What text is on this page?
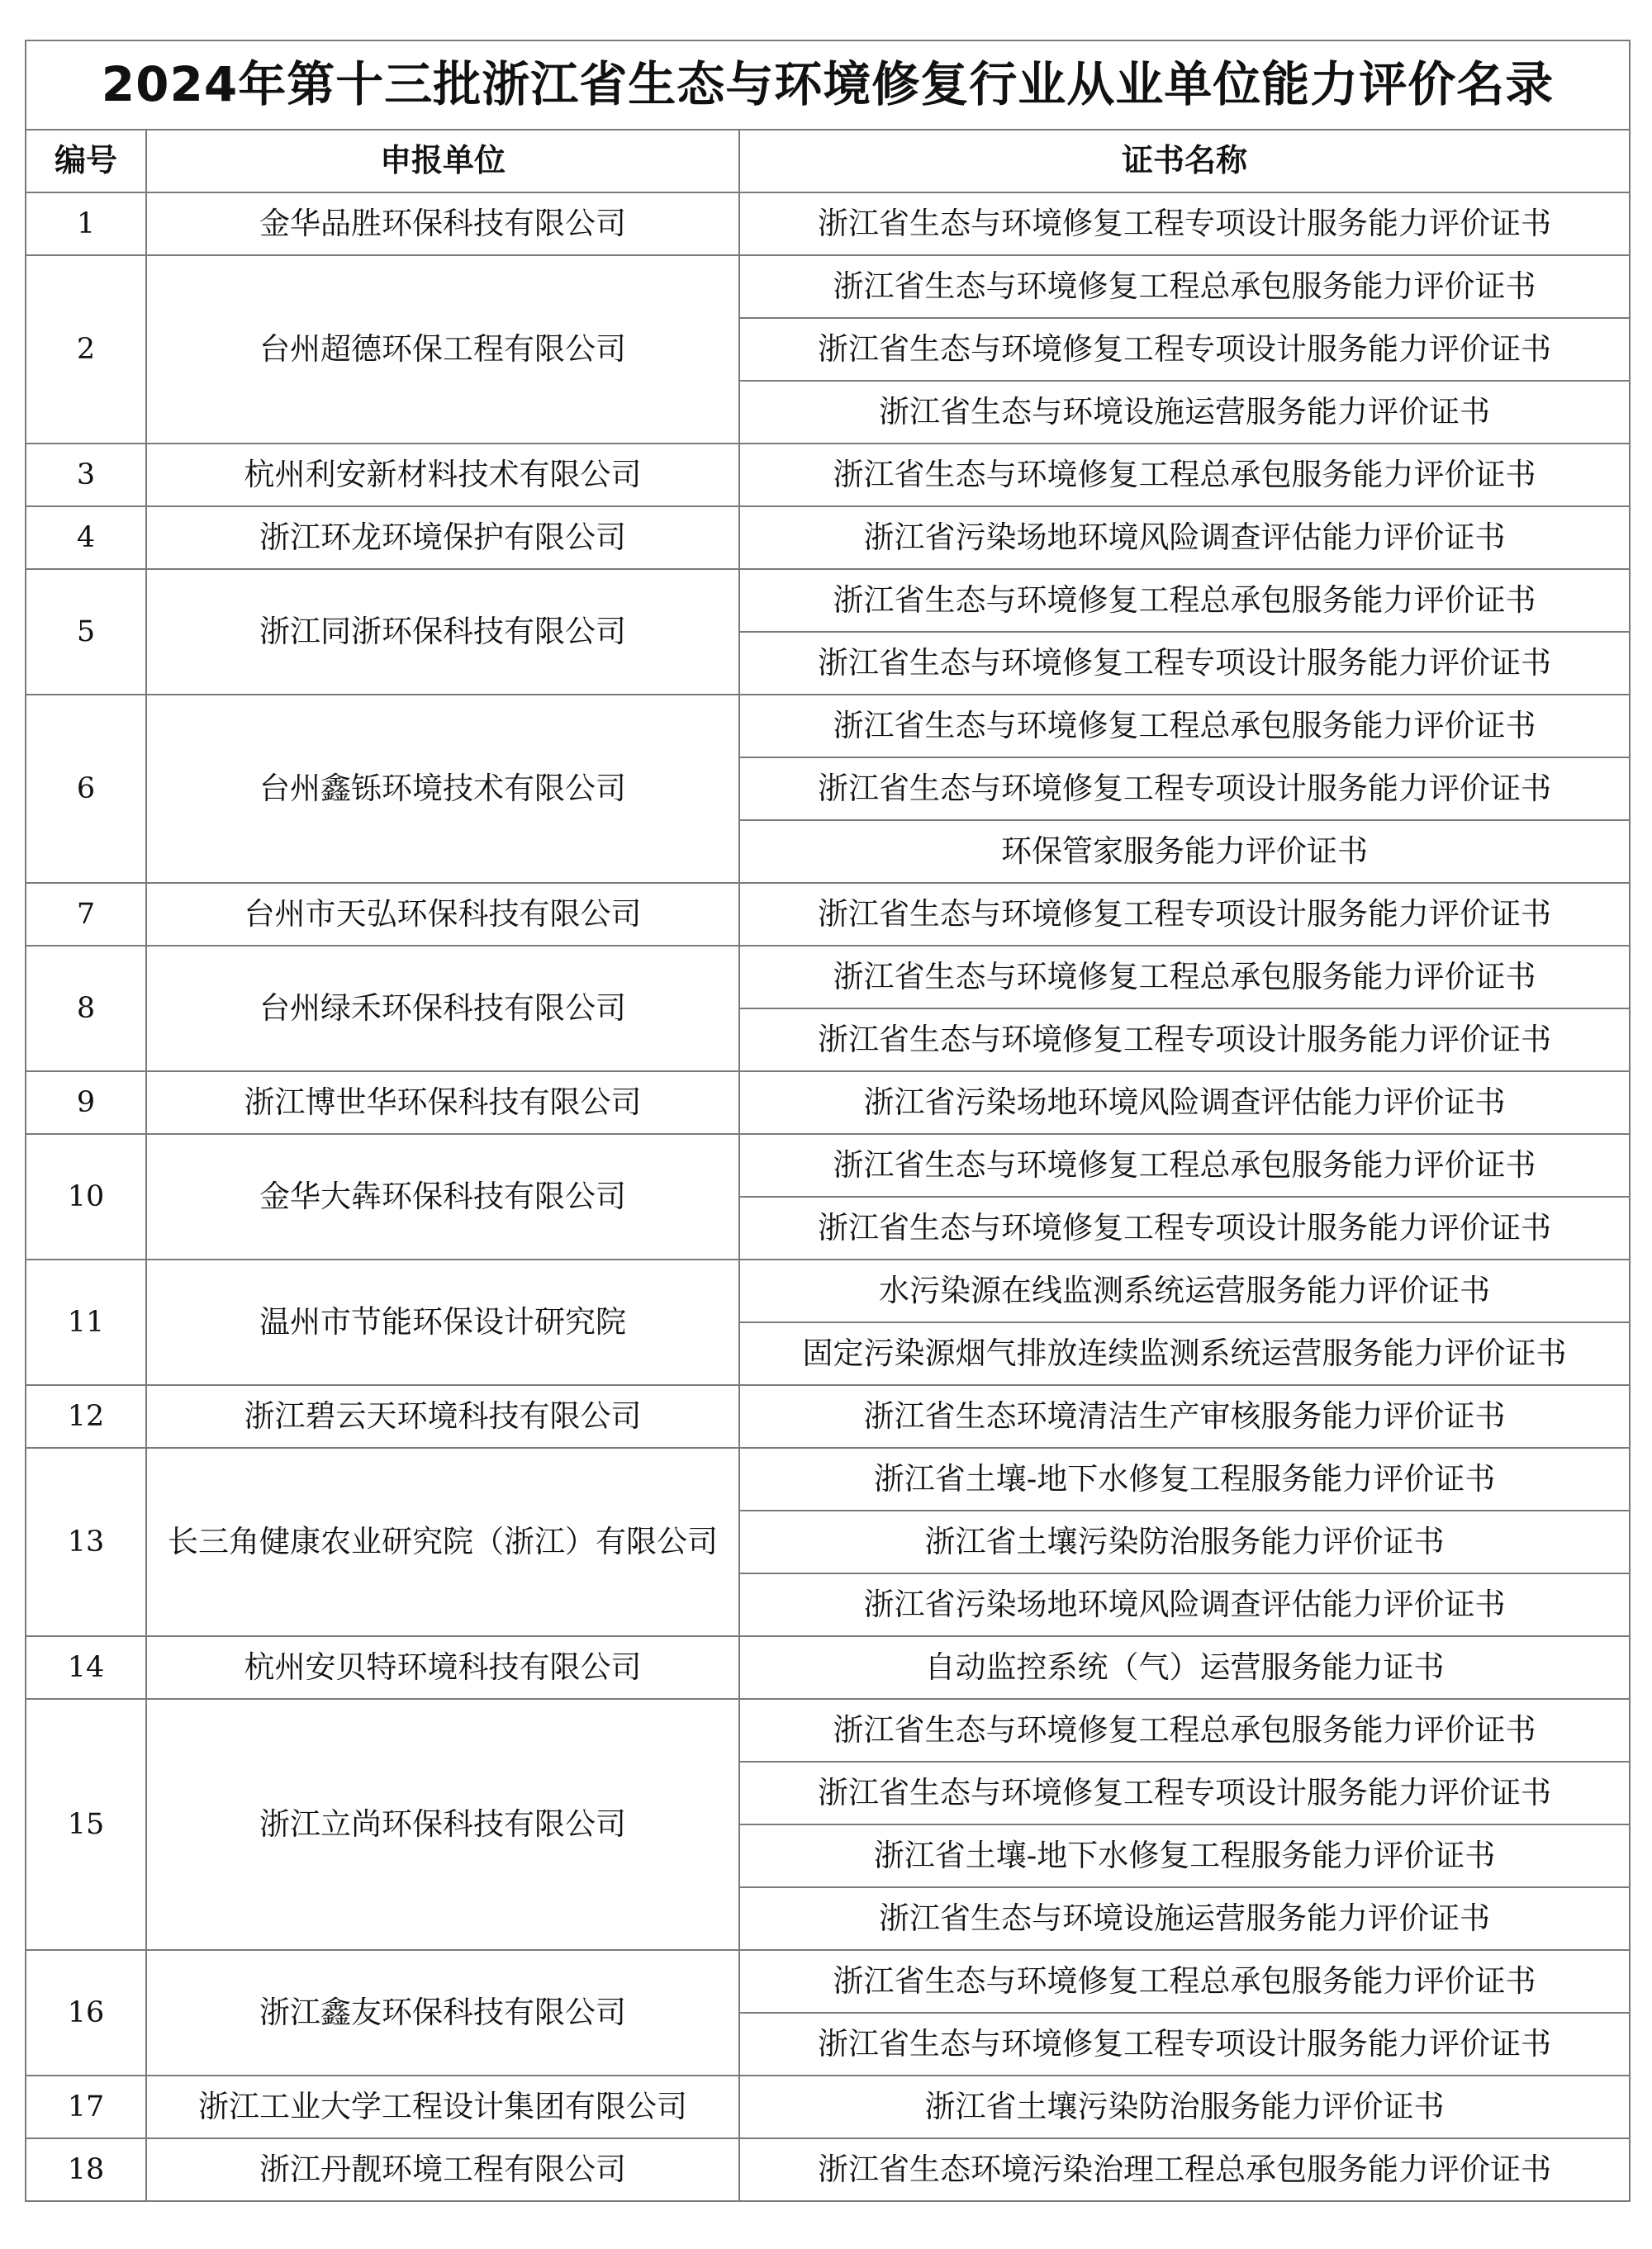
2024年第十三批浙江省生态与环境修复行业从业单位能力评价名录		
编号	申报单位	证书名称
1	金华品胜环保科技有限公司	浙江省生态与环境修复工程专项设计服务能力评价证书
2	台州超德环保工程有限公司	浙江省生态与环境修复工程总承包服务能力评价证书
		浙江省生态与环境修复工程专项设计服务能力评价证书
		浙江省生态与环境设施运营服务能力评价证书
3	杭州利安新材料技术有限公司	浙江省生态与环境修复工程总承包服务能力评价证书
4	浙江环龙环境保护有限公司	浙江省污染场地环境风险调查评估能力评价证书
5	浙江同浙环保科技有限公司	浙江省生态与环境修复工程总承包服务能力评价证书
		浙江省生态与环境修复工程专项设计服务能力评价证书
6	台州鑫铄环境技术有限公司	浙江省生态与环境修复工程总承包服务能力评价证书
		浙江省生态与环境修复工程专项设计服务能力评价证书
		环保管家服务能力评价证书
7	台州市天弘环保科技有限公司	浙江省生态与环境修复工程专项设计服务能力评价证书
8	台州绿禾环保科技有限公司	浙江省生态与环境修复工程总承包服务能力评价证书
		浙江省生态与环境修复工程专项设计服务能力评价证书
9	浙江博世华环保科技有限公司	浙江省污染场地环境风险调查评估能力评价证书
10	金华大犇环保科技有限公司	浙江省生态与环境修复工程总承包服务能力评价证书
		浙江省生态与环境修复工程专项设计服务能力评价证书
11	温州市节能环保设计研究院	水污染源在线监测系统运营服务能力评价证书
		固定污染源烟气排放连续监测系统运营服务能力评价证书
12	浙江碧云天环境科技有限公司	浙江省生态环境清洁生产审核服务能力评价证书
13	长三角健康农业研究院（浙江）有限公司	浙江省土壤-地下水修复工程服务能力评价证书
		浙江省土壤污染防治服务能力评价证书
		浙江省污染场地环境风险调查评估能力评价证书
14	杭州安贝特环境科技有限公司	自动监控系统（气）运营服务能力证书
15	浙江立尚环保科技有限公司	浙江省生态与环境修复工程总承包服务能力评价证书
		浙江省生态与环境修复工程专项设计服务能力评价证书
		浙江省土壤-地下水修复工程服务能力评价证书
		浙江省生态与环境设施运营服务能力评价证书
16	浙江鑫友环保科技有限公司	浙江省生态与环境修复工程总承包服务能力评价证书
		浙江省生态与环境修复工程专项设计服务能力评价证书
17	浙江工业大学工程设计集团有限公司	浙江省土壤污染防治服务能力评价证书
18	浙江丹靓环境工程有限公司	浙江省生态环境污染治理工程总承包服务能力评价证书
